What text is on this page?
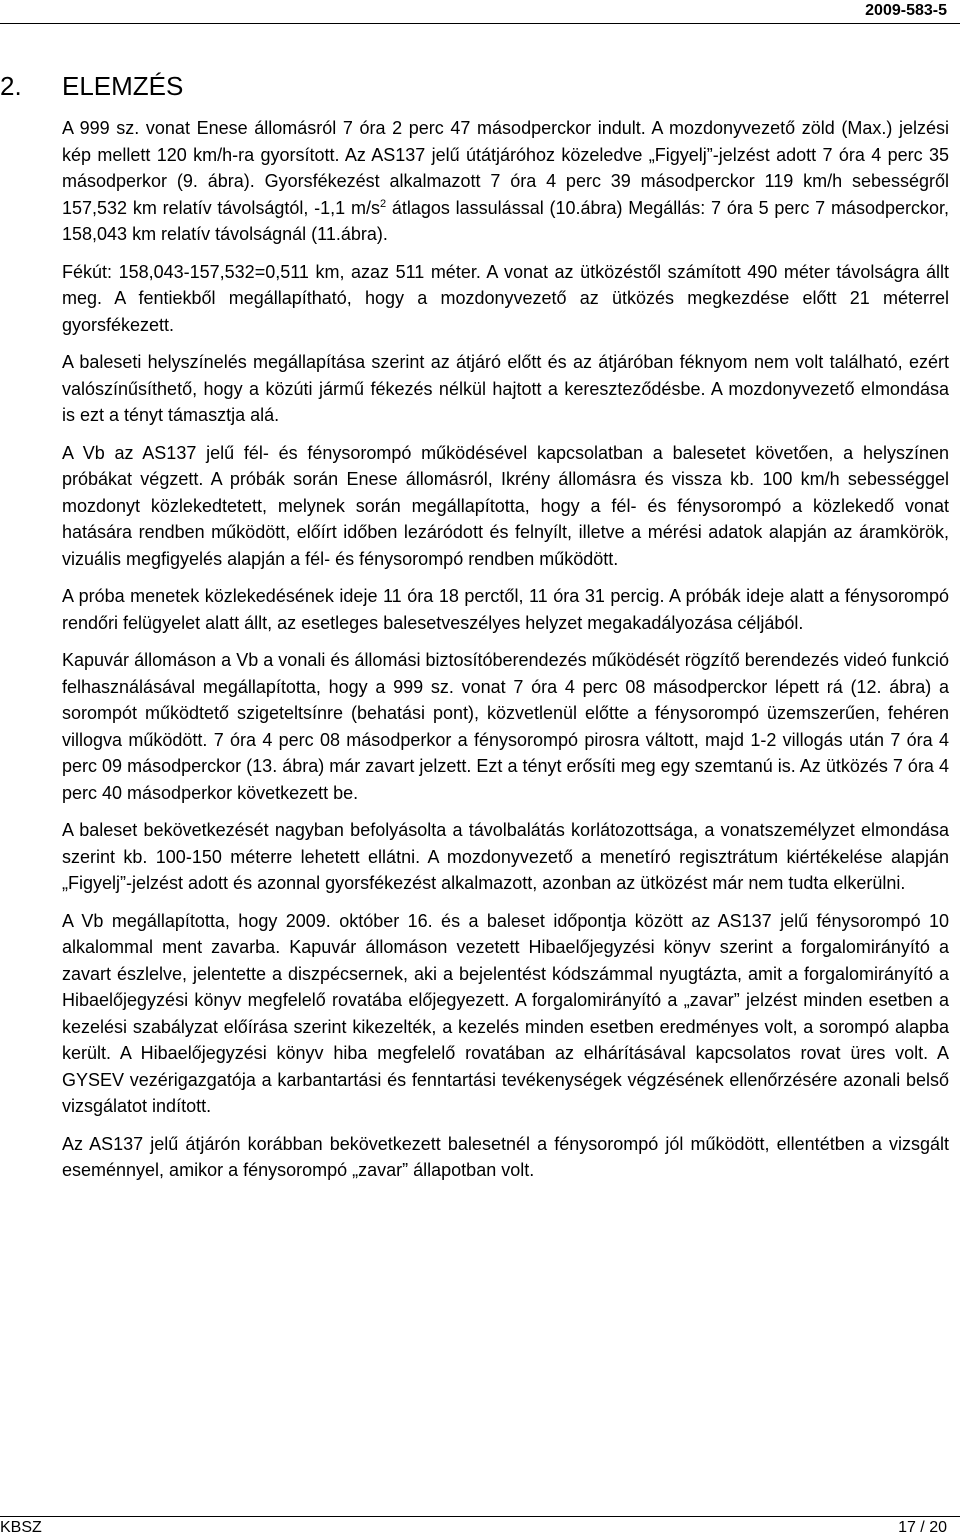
2009-583-5
2. ELEMZÉS

A 999 sz. vonat Enese állomásról 7 óra 2 perc 47 másodperckor indult. A mozdonyvezető zöld (Max.) jelzési kép mellett 120 km/h-ra gyorsított. Az AS137 jelű útátjáróhoz közeledve „Figyelj”-jelzést adott 7 óra 4 perc 35 másodperkor (9. ábra). Gyorsfékezést alkalmazott 7 óra 4 perc 39 másodperckor 119 km/h sebességről 157,532 km relatív távolságtól, -1,1 $m/s^2$ átlagos lassulással (10.ábra) Megállás: 7 óra 5 perc 7 másodperckor, 158,043 km relatív távolságnál (11.ábra).

Fékút: 158,043-157,532=0,511 km, azaz 511 méter. A vonat az ütközéstől számított 490 méter távolságra állt meg. A fentiekből megállapítható, hogy a mozdonyvezető az ütközés megkezdése előtt 21 méterrel gyorsfékezett.

A baleseti helyszínelés megállapítása szerint az átjáró előtt és az átjáróban féknyom nem volt található, ezért valószínűsíthető, hogy a közúti jármű fékezés nélkül hajtott a kereszteződésbe. A mozdonyvezető elmondása is ezt a tényt támasztja alá.

A Vb az AS137 jelű fél- és fénysorompó működésével kapcsolatban a balesetet követően, a helyszínen próbákat végzett. A próbák során Enese állomásról, Ikrény állomásra és vissza kb. 100 km/h sebességgel mozdonyt közlekedtetett, melynek során megállapította, hogy a fél- és fénysorompó a közlekedő vonat hatására rendben működött, előírt időben lezáródott és felnyílt, illetve a mérési adatok alapján az áramkörök, vizuális megfigyelés alapján a fél- és fénysorompó rendben működött.

A próba menetek közlekedésének ideje 11 óra 18 perctől, 11 óra 31 percig. A próbák ideje alatt a fénysorompó rendőri felügyelet alatt állt, az esetleges balesetveszélyes helyzet megakadályozása céljából.

Kapuvár állomáson a Vb a vonali és állomási biztosítóberendezés működését rögzítő berendezés videó funkció felhasználásával megállapította, hogy a 999 sz. vonat 7 óra 4 perc 08 másodperckor lépett rá (12. ábra) a sorompót működtető szigeteltsínre (behatási pont), közvetlenül előtte a fénysorompó üzemszerűen, fehéren villogva működött. 7 óra 4 perc 08 másodperkor a fénysorompó pirosra váltott, majd 1-2 villogás után 7 óra 4 perc 09 másodperckor (13. ábra) már zavart jelzett. Ezt a tényt erősíti meg egy szemtanú is. Az ütközés 7 óra 4 perc 40 másodperkor következett be.

A baleset bekövetkezését nagyban befolyásolta a távolbalátás korlátozottsága, a vonatszemélyzet elmondása szerint kb. 100-150 méterre lehetett ellátni. A mozdonyvezető a menetíró regisztrátum kiértékelése alapján „Figyelj”-jelzést adott és azonnal gyorsfékezést alkalmazott, azonban az ütközést már nem tudta elkerülni.

A Vb megállapította, hogy 2009. október 16. és a baleset időpontja között az AS137 jelű fénysorompó 10 alkalommal ment zavarba. Kapuvár állomáson vezetett Hibaelőjegyzési könyv szerint a forgalomirányító a zavart észlelve, jelentette a diszpécsernek, aki a bejelentést kódszámmal nyugtázta, amit a forgalomirányító a Hibaelőjegyzési könyv megfelelő rovatába előjegyezett. A forgalomirányító a „zavar” jelzést minden esetben a kezelési szabályzat előírása szerint kikezelték, a kezelés minden esetben eredményes volt, a sorompó alapba került. A Hibaelőjegyzési könyv hiba megfelelő rovatában az elhárításával kapcsolatos rovat üres volt. A GYSEV vezérigazgatója a karbantartási és fenntartási tevékenységek végzésének ellenőrzésére azonali belső vizsgálatot indított.

Az AS137 jelű átjárón korábban bekövetkezett balesetnél a fénysorompó jól működött, ellentétben a vizsgált eseménnyel, amikor a fénysorompó „zavar” állapotban volt.

KBSZ	17 / 20
